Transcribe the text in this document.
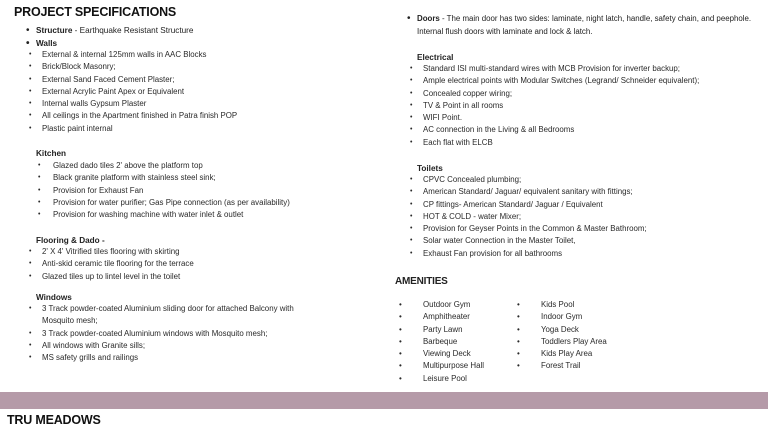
PROJECT SPECIFICATIONS
• Structure - Earthquake Resistant Structure
• Walls
• External & internal 125mm walls in AAC Blocks
• Brick/Block Masonry;
• External Sand Faced Cement Plaster;
• External Acrylic Paint Apex or Equivalent
• Internal walls Gypsum Plaster
• All ceilings in the Apartment finished in Patra finish POP
• Plastic paint internal
Kitchen
• Glazed dado tiles 2' above the platform top
• Black granite platform with stainless steel sink;
• Provision for Exhaust Fan
• Provision for water purifier; Gas Pipe connection (as per availability)
• Provision for washing machine with water inlet & outlet
Flooring & Dado -
• 2' X 4' Vitrified tiles flooring with skirting
• Anti-skid ceramic tile flooring for the terrace
• Glazed tiles up to lintel level in the toilet
Windows
• 3 Track powder-coated Aluminium sliding door for attached Balcony with Mosquito mesh;
• 3 Track powder-coated Aluminium windows with Mosquito mesh;
• All windows with Granite sills;
• MS safety grills and railings
• Doors - The main door has two sides: laminate, night latch, handle, safety chain, and peephole. Internal flush doors with laminate and lock & latch.
Electrical
• Standard ISI multi-standard wires with MCB Provision for inverter backup;
• Ample electrical points with Modular Switches (Legrand/ Schneider equivalent);
• Concealed copper wiring;
• TV & Point in all rooms
• WIFI Point.
• AC connection in the Living & all Bedrooms
• Each flat with ELCB
Toilets
• CPVC Concealed plumbing;
• American Standard/ Jaguar/ equivalent sanitary with fittings;
• CP fittings- American Standard/ Jaguar / Equivalent
• HOT & COLD - water Mixer;
• Provision for Geyser Points in the Common & Master Bathroom;
• Solar water Connection in the Master Toilet,
• Exhaust Fan provision for all bathrooms
AMENITIES
• Outdoor Gym
• Amphitheater
• Party Lawn
• Barbeque
• Viewing Deck
• Multipurpose Hall
• Leisure Pool
• Kids Pool
• Indoor Gym
• Yoga Deck
• Toddlers Play Area
• Kids Play Area
• Forest Trail
TRU MEADOWS
